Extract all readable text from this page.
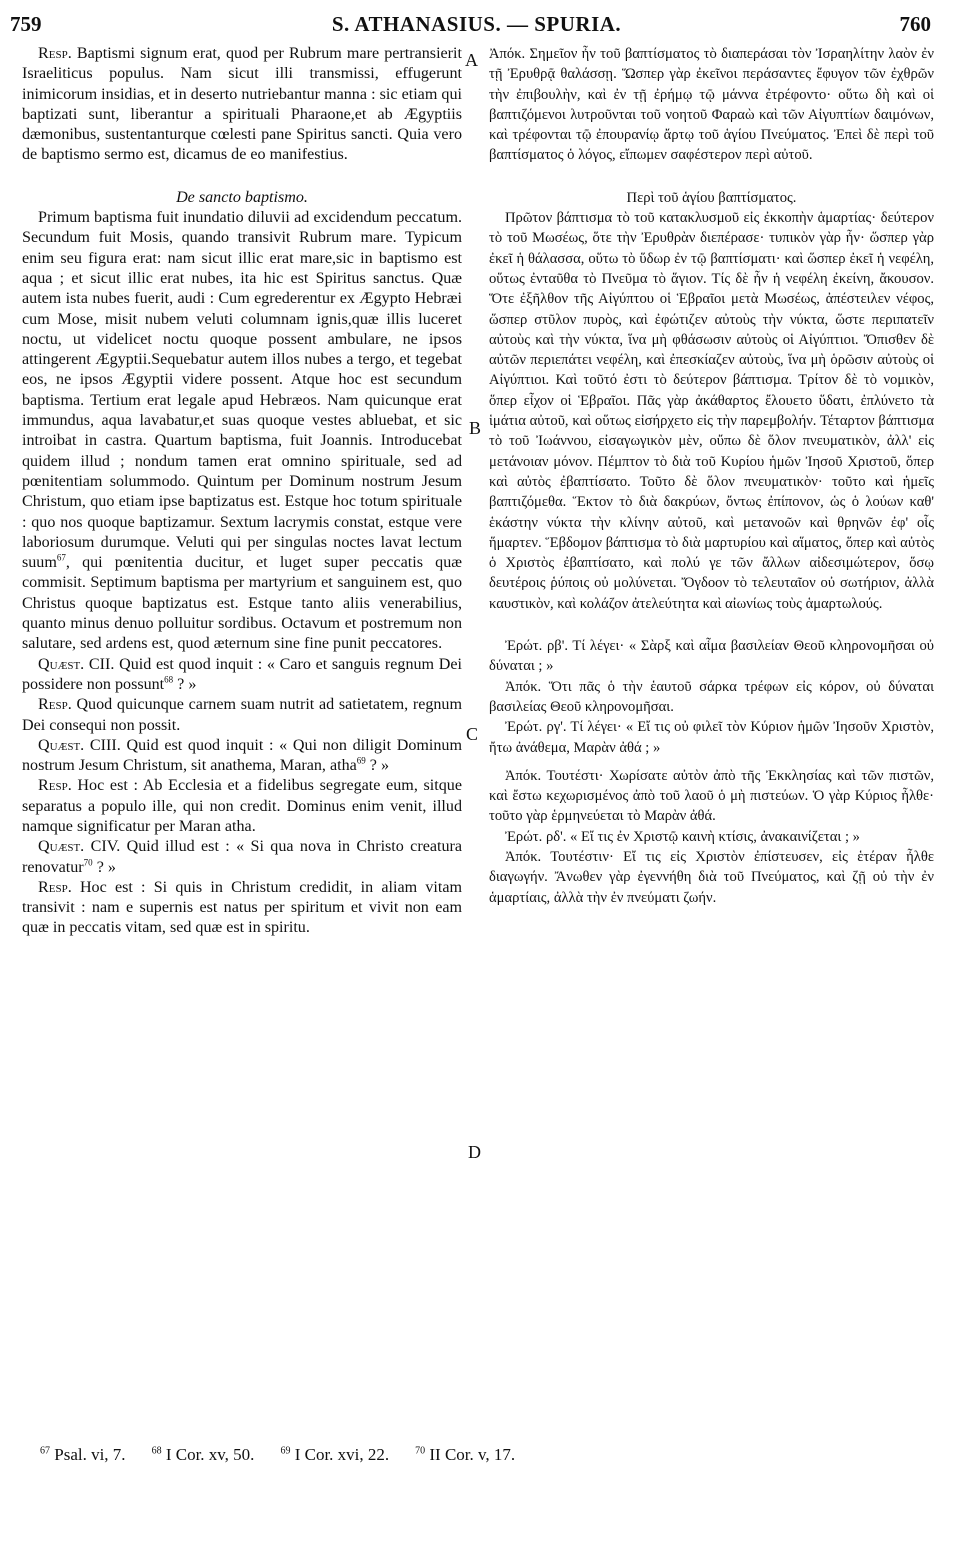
759	S. ATHANASIUS. — SPURIA.	760
A
B
C
D

Resp. Baptismi signum erat, quod per Rubrum mare pertransierit Israeliticus populus. Nam sicut illi transmissi, effugerunt inimicorum insidias, et in deserto nutriebantur manna : sic etiam qui baptizati sunt, liberantur a spirituali Pharaone,et ab Ægyptiis dæmonibus, sustentanturque cœlesti pane Spiritus sancti. Quia vero de baptismo sermo est, dicamus de eo manifestius.

De sancto baptismo.

Primum baptisma fuit inundatio diluvii ad excidendum peccatum. Secundum fuit Mosis, quando transivit Rubrum mare. Typicum enim seu figura erat: nam sicut illic erat mare,sic in baptismo est aqua ; et sicut illic erat nubes, ita hic est Spiritus sanctus. Quæ autem ista nubes fuerit, audi : Cum egrederentur ex Ægypto Hebræi cum Mose, misit nubem veluti columnam ignis,quæ illis luceret noctu, ut videlicet noctu quoque possent ambulare, ne ipsos attingerent Ægyptii.Sequebatur autem illos nubes a tergo, et tegebat eos, ne ipsos Ægyptii videre possent. Atque hoc est secundum baptisma. Tertium erat legale apud Hebræos. Nam quicunque erat immundus, aqua lavabatur,et suas quoque vestes abluebat, et sic introibat in castra. Quartum baptisma, fuit Joannis. Introducebat quidem illud ; nondum tamen erat omnino spirituale, sed ad pœnitentiam solummodo. Quintum per Dominum nostrum Jesum Christum, quo etiam ipse baptizatus est. Estque hoc totum spirituale : quo nos quoque baptizamur. Sextum lacrymis constat, estque vere laboriosum durumque. Veluti qui per singulas noctes lavat lectum suum$^{67}$, qui pœnitentia ducitur, et luget super peccatis quæ commisit. Septimum baptisma per martyrium et sanguinem est, quo Christus quoque baptizatus est. Estque tanto aliis venerabilius, quanto minus denuo polluitur sordibus. Octavum et postremum non salutare, sed ardens est, quod æternum sine fine punit peccatores.

Quæst. CII. Quid est quod inquit : « Caro et sanguis regnum Dei possidere non possunt$^{68}$ ? »

Resp. Quod quicunque carnem suam nutrit ad satietatem, regnum Dei consequi non possit.

Quæst. CIII. Quid est quod inquit : « Qui non diligit Dominum nostrum Jesum Christum, sit anathema, Maran, atha$^{69}$ ? »

Resp. Hoc est : Ab Ecclesia et a fidelibus segregate eum, sitque separatus a populo ille, qui non credit. Dominus enim venit, illud namque significatur per Maran atha.

Quæst. CIV. Quid illud est : « Si qua nova in Christo creatura renovatur$^{70}$ ? »

Resp. Hoc est : Si quis in Christum credidit, in aliam vitam transivit : nam e supernis est natus per spiritum et vivit non eam quæ in peccatis vitam, sed quæ est in spiritu.

Ἀπόκ. Σημεῖον ἦν τοῦ βαπτίσματος τὸ διαπεράσαι τὸν Ἰσραηλίτην λαὸν ἐν τῇ Ἐρυθρᾷ θαλάσσῃ. Ὥσπερ γὰρ ἐκεῖνοι περάσαντες ἔφυγον τῶν ἐχθρῶν τὴν ἐπιβουλὴν, καὶ ἐν τῇ ἐρήμῳ τῷ μάννα ἐτρέφοντο· οὕτω δὴ καὶ οἱ βαπτιζόμενοι λυτροῦνται τοῦ νοητοῦ Φαραὼ καὶ τῶν Αἰγυπτίων δαιμόνων, καὶ τρέφονται τῷ ἐπουρανίῳ ἄρτῳ τοῦ ἁγίου Πνεύματος. Ἐπεὶ δὲ περὶ τοῦ βαπτίσματος ὁ λόγος, εἴπωμεν σαφέστερον περὶ αὐτοῦ.

Περὶ τοῦ ἁγίου βαπτίσματος.

Πρῶτον βάπτισμα τὸ τοῦ κατακλυσμοῦ εἰς ἐκκοπὴν ἁμαρτίας· δεύτερον τὸ τοῦ Μωσέως, ὅτε τὴν Ἐρυθρὰν διεπέρασε· τυπικὸν γὰρ ἦν· ὥσπερ γὰρ ἐκεῖ ἡ θάλασσα, οὕτω τὸ ὕδωρ ἐν τῷ βαπτίσματι· καὶ ὥσπερ ἐκεῖ ἡ νεφέλη, οὕτως ἐνταῦθα τὸ Πνεῦμα τὸ ἅγιον. Τίς δὲ ἦν ἡ νεφέλη ἐκείνη, ἄκουσον. Ὅτε ἐξῆλθον τῆς Αἰγύπτου οἱ Ἑβραῖοι μετὰ Μωσέως, ἀπέστειλεν νέφος, ὥσπερ στῦλον πυρὸς, καὶ ἐφώτιζεν αὐτοὺς τὴν νύκτα, ὥστε περιπατεῖν αὐτοὺς καὶ τὴν νύκτα, ἵνα μὴ φθάσωσιν αὐτοὺς οἱ Αἰγύπτιοι. Ὄπισθεν δὲ αὐτῶν περιεπάτει νεφέλη, καὶ ἐπεσκίαζεν αὐτοὺς, ἵνα μὴ ὁρῶσιν αὐτοὺς οἱ Αἰγύπτιοι. Καὶ τοῦτό ἐστι τὸ δεύτερον βάπτισμα. Τρίτον δὲ τὸ νομικὸν, ὅπερ εἶχον οἱ Ἑβραῖοι. Πᾶς γὰρ ἀκάθαρτος ἔλουετο ὕδατι, ἐπλύνετο τὰ ἱμάτια αὐτοῦ, καὶ οὕτως εἰσήρχετο εἰς τὴν παρεμβολήν. Τέταρτον βάπτισμα τὸ τοῦ Ἰωάννου, εἰσαγωγικὸν μὲν, οὔπω δὲ ὅλον πνευματικὸν, ἀλλ' εἰς μετάνοιαν μόνον. Πέμπτον τὸ διὰ τοῦ Κυρίου ἡμῶν Ἰησοῦ Χριστοῦ, ὅπερ καὶ αὐτὸς ἐβαπτίσατο. Τοῦτο δὲ ὅλον πνευματικὸν· τοῦτο καὶ ἡμεῖς βαπτιζόμεθα. Ἕκτον τὸ διὰ δακρύων, ὄντως ἐπίπονον, ὡς ὁ λούων καθ' ἑκάστην νύκτα τὴν κλίνην αὐτοῦ, καὶ μετανοῶν καὶ θρηνῶν ἐφ' οἷς ἥμαρτεν. Ἕβδομον βάπτισμα τὸ διὰ μαρτυρίου καὶ αἵματος, ὅπερ καὶ αὐτὸς ὁ Χριστὸς ἐβαπτίσατο, καὶ πολύ γε τῶν ἄλλων αἰδεσιμώτερον, ὅσῳ δευτέροις ῥύποις οὐ μολύνεται. Ὄγδοον τὸ τελευταῖον οὐ σωτήριον, ἀλλὰ καυστικὸν, καὶ κολάζον ἀτελεύτητα καὶ αἰωνίως τοὺς ἁμαρτωλούς.

Ἐρώτ. ρβ'. Τί λέγει· « Σὰρξ καὶ αἷμα βασιλείαν Θεοῦ κληρονομῆσαι οὐ δύναται ; »

Ἀπόκ. Ὅτι πᾶς ὁ τὴν ἑαυτοῦ σάρκα τρέφων εἰς κόρον, οὐ δύναται βασιλείας Θεοῦ κληρονομῆσαι.

Ἐρώτ. ργ'. Τί λέγει· « Εἴ τις οὐ φιλεῖ τὸν Κύριον ἡμῶν Ἰησοῦν Χριστὸν, ἤτω ἀνάθεμα, Μαρὰν ἀθά ; »

Ἀπόκ. Τουτέστι· Χωρίσατε αὐτὸν ἀπὸ τῆς Ἐκκλησίας καὶ τῶν πιστῶν, καὶ ἔστω κεχωρισμένος ἀπὸ τοῦ λαοῦ ὁ μὴ πιστεύων. Ὁ γὰρ Κύριος ἦλθε· τοῦτο γὰρ ἑρμηνεύεται τὸ Μαρὰν ἀθά.

Ἐρώτ. ρδ'. « Εἴ τις ἐν Χριστῷ καινὴ κτίσις, ἀνακαινίζεται ; »

Ἀπόκ. Τουτέστιν· Εἴ τις εἰς Χριστὸν ἐπίστευσεν, εἰς ἑτέραν ἦλθε διαγωγήν. Ἄνωθεν γὰρ ἐγεννήθη διὰ τοῦ Πνεύματος, καὶ ζῇ οὐ τὴν ἐν ἁμαρτίαις, ἀλλὰ τὴν ἐν πνεύματι ζωήν.

$^{67}$ Psal. vi, 7.	$^{68}$ I Cor. xv, 50.	$^{69}$ I Cor. xvi, 22.	$^{70}$ II Cor. v, 17.
